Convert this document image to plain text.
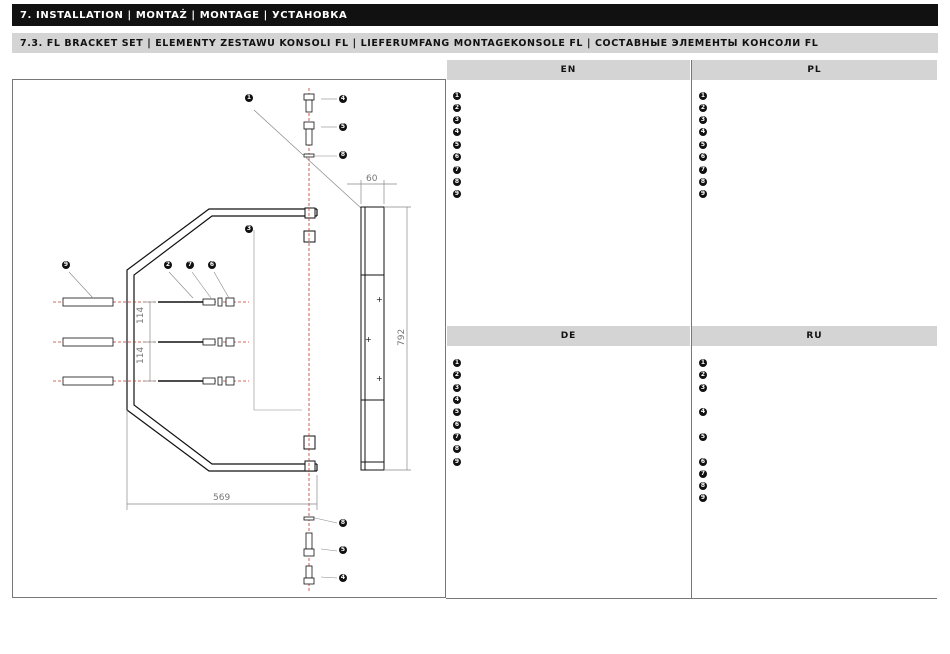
7. INSTALLATION | MONTAŻ | MONTAGE | УСТАНОВКА
7.3. FL BRACKET SET | ELEMENTY ZESTAWU KONSOLI FL | LIEFERUMFANG MONTAGEKONSOLE FL | СОСТАВНЫЕ ЭЛЕМЕНТЫ КОНСОЛИ FL
114
114
569
792
60
+
+
+
1	4
5
8
3
9	2	7	6
8
5
4
EN	PL
DE	RU
1
2
3
4
5
6
7
8
9
1
2
3
4
5
6
7
8
9
1
2
3
4
5
6
7
8
9
1
2
3
4
5
6
7
8
9
